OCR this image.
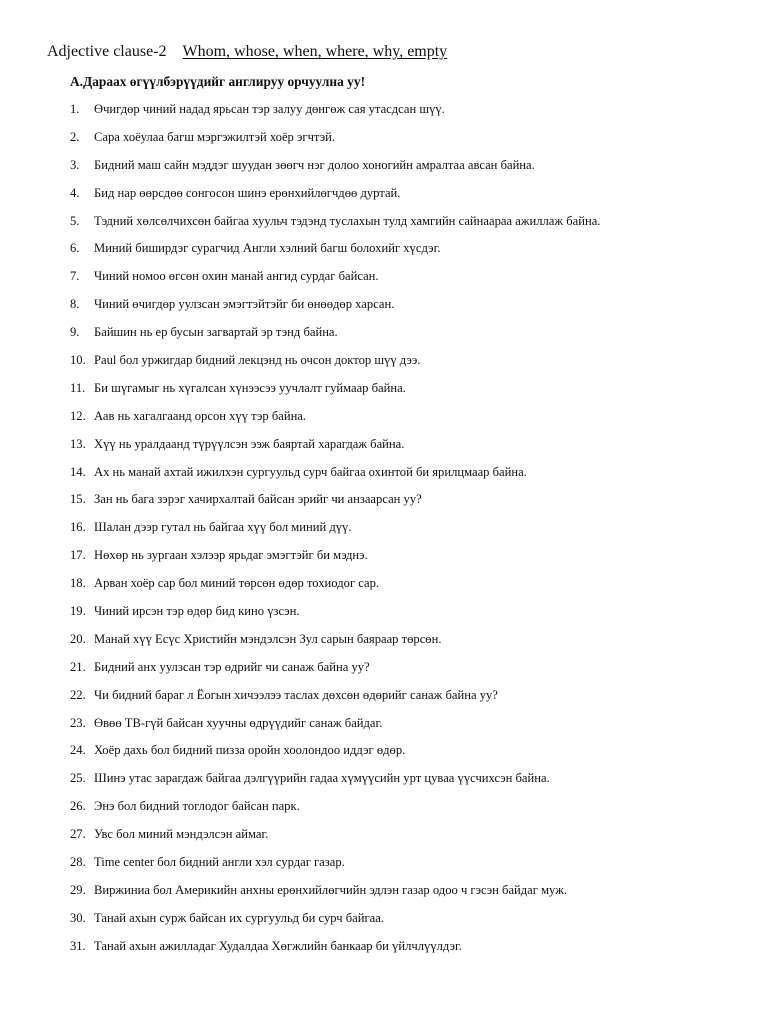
Adjective clause-2 Whom, whose, when, where, why, empty
А.Дараах өгүүлбэрүүдийг англируу орчуулна уу!
1.	Өчигдөр чиний надад ярьсан тэр залуу дөнгөж сая утасдсан шүү.
2.	Сара хоёулаа багш мэргэжилтэй хоёр эгчтэй.
3.	Бидний маш сайн мэддэг шуудан зөөгч нэг долоо хоногийн амралтаа авсан байна.
4.	Бид нар өөрсдөө сонгосон шинэ ерөнхийлөгчдөө дуртай.
5.	Тэдний хөлсөлчихсөн байгаа хуульч тэдэнд туслахын тулд хамгийн сайнаараа ажиллаж байна.
6.	Миний биширдэг сурагчид Англи хэлний багш болохийг хүсдэг.
7.	Чиний номоо өгсөн охин манай ангид сурдаг байсан.
8.	Чиний өчигдөр уулзсан эмэгтэйтэйг би өнөөдөр харсан.
9.	Байшин нь ер бусын загвартай эр тэнд байна.
10. Paul бол уржигдар бидний лекцэнд нь очсон доктор шүү дээ.
11. Би шүгамыг нь хүгалсан хүнээсээ уучлалт гуймаар байна.
12. Аав нь хагалгаанд орсон хүү тэр байна.
13. Хүү нь уралдаанд түрүүлсэн ээж баяртай харагдаж байна.
14. Ах нь манай ахтай ижилхэн сургуульд сурч байгаа охинтой би ярилцмаар байна.
15. Зан нь бага зэрэг хачирхалтай байсан эрийг чи анзаарсан уу?
16. Шалан дээр гутал нь байгаа хүү бол миний дүү.
17. Нөхөр нь зургаан хэлээр ярьдаг эмэгтэйг би мэднэ.
18. Арван хоёр сар бол миний төрсөн өдөр тохиодог сар.
19. Чиний ирсэн тэр өдөр бид кино үзсэн.
20. Манай хүү Есүс Христийн мэндэлсэн Зул сарын баяраар төрсөн.
21. Бидний анх уулзсан тэр өдрийг чи санаж байна уу?
22. Чи бидний бараг л Ёогын хичээлээ таслах дөхсөн өдөрийг санаж байна уу?
23. Өвөө ТВ-гүй байсан хуучны өдрүүдийг санаж байдаг.
24. Хоёр дахь бол бидний пизза оройн хоолондоо иддэг өдөр.
25. Шинэ утас зарагдаж байгаа дэлгүүрийн гадаа хүмүүсийн урт цуваа үүсчихсэн байна.
26. Энэ бол бидний тоглодог байсан парк.
27. Увс бол миний мэндэлсэн аймаг.
28. Time center бол бидний англи хэл сурдаг газар.
29. Виржиниа бол Америкийн анхны ерөнхийлөгчийн эдлэн газар одоо ч гэсэн байдаг муж.
30. Танай ахын сурж байсан их сургуульд би сурч байгаа.
31. Танай ахын ажилладаг Худалдаа Хөгжлийн банкаар би үйлчлүүлдэг.
